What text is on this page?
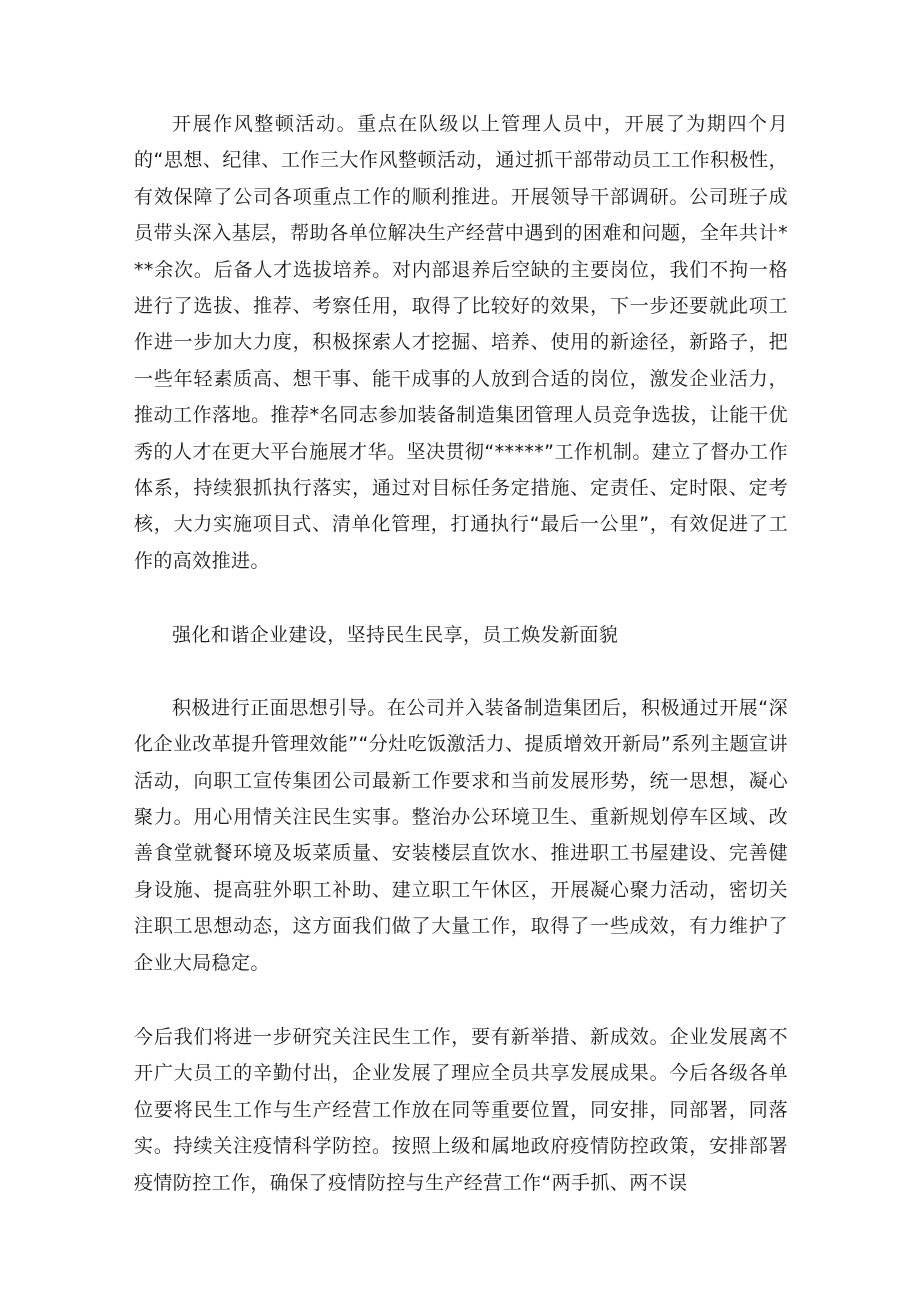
开展作风整顿活动。重点在队级以上管理人员中，开展了为期四个月的“思想、纪律、工作三大作风整顿活动，通过抓干部带动员工工作积极性，有效保障了公司各项重点工作的顺利推进。开展领导干部调研。公司班子成员带头深入基层，帮助各单位解决生产经营中遇到的困难和问题，全年共计***余次。后备人才选拔培养。对内部退养后空缺的主要岗位，我们不拘一格进行了选拔、推荐、考察任用，取得了比较好的效果，下一步还要就此项工作进一步加大力度，积极探索人才挖掘、培养、使用的新途径，新路子，把一些年轻素质高、想干事、能干成事的人放到合适的岗位，激发企业活力，推动工作落地。推荐*名同志参加装备制造集团管理人员竞争选拔，让能干优秀的人才在更大平台施展才华。坚决贯彻“*****”工作机制。建立了督办工作体系，持续狠抓执行落实，通过对目标任务定措施、定责任、定时限、定考核，大力实施项目式、清单化管理，打通执行“最后一公里”，有效促进了工作的高效推进。

强化和谐企业建设，坚持民生民享，员工焕发新面貌

积极进行正面思想引导。在公司并入装备制造集团后，积极通过开展“深化企业改革提升管理效能”“分灶吃饭激活力、提质增效开新局”系列主题宣讲活动，向职工宣传集团公司最新工作要求和当前发展形势，统一思想，凝心聚力。用心用情关注民生实事。整治办公环境卫生、重新规划停车区域、改善食堂就餐环境及坂菜质量、安装楼层直饮水、推进职工书屋建设、完善健身设施、提高驻外职工补助、建立职工午休区，开展凝心聚力活动，密切关注职工思想动态，这方面我们做了大量工作，取得了一些成效，有力维护了企业大局稳定。

今后我们将进一步研究关注民生工作，要有新举措、新成效。企业发展离不开广大员工的辛勤付出，企业发展了理应全员共享发展成果。今后各级各单位要将民生工作与生产经营工作放在同等重要位置，同安排，同部署，同落实。持续关注疫情科学防控。按照上级和属地政府疫情防控政策，安排部署疫情防控工作，确保了疫情防控与生产经营工作“两手抓、两不误
